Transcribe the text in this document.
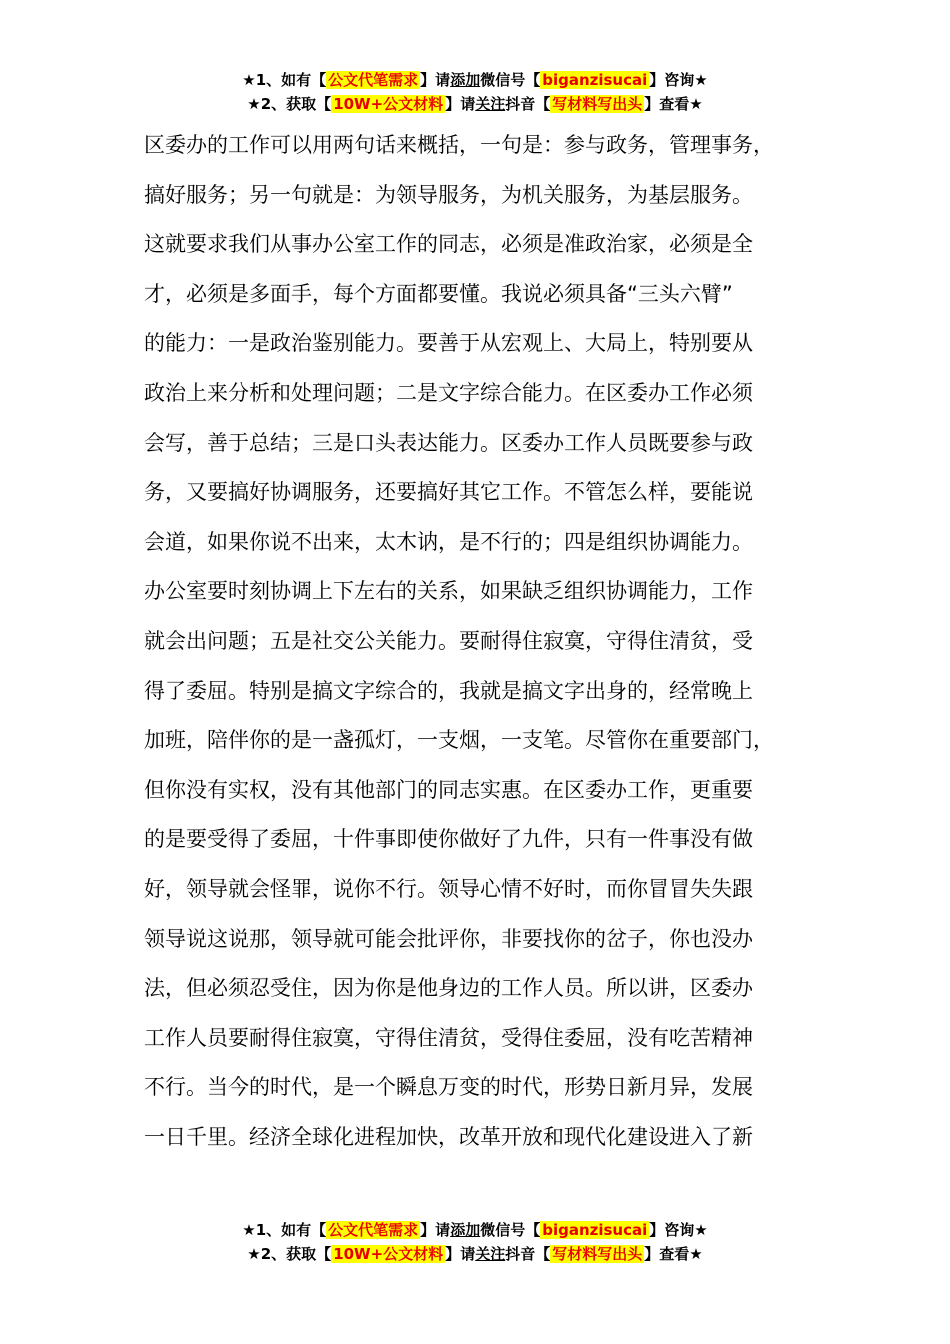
★1、如有【 公文代笔需求 】请添加微信号【 biganzisucai 】咨询★
★2、获取【 10W+公文材料 】请关注抖音【 写材料写出头 】查看★
区委办的工作可以用两句话来概括，一句是：参与政务，管理事务，
搞好服务；另一句就是：为领导服务，为机关服务，为基层服务。
这就要求我们从事办公室工作的同志，必须是准政治家，必须是全
才，必须是多面手，每个方面都要懂。我说必须具备“三头六臂”
的能力：一是政治鉴别能力。要善于从宏观上、大局上，特别要从
政治上来分析和处理问题；二是文字综合能力。在区委办工作必须
会写，善于总结；三是口头表达能力。区委办工作人员既要参与政
务，又要搞好协调服务，还要搞好其它工作。不管怎么样，要能说
会道，如果你说不出来，太木讷，是不行的；四是组织协调能力。
办公室要时刻协调上下左右的关系，如果缺乏组织协调能力，工作
就会出问题；五是社交公关能力。要耐得住寂寞，守得住清贫，受
得了委屈。特别是搞文字综合的，我就是搞文字出身的，经常晚上
加班，陪伴你的是一盏孤灯，一支烟，一支笔。尽管你在重要部门，
但你没有实权，没有其他部门的同志实惠。在区委办工作，更重要
的是要受得了委屈，十件事即使你做好了九件，只有一件事没有做
好，领导就会怪罪，说你不行。领导心情不好时，而你冒冒失失跟
领导说这说那，领导就可能会批评你，非要找你的岔子，你也没办
法，但必须忍受住，因为你是他身边的工作人员。所以讲，区委办
工作人员要耐得住寂寞，守得住清贫，受得住委屈，没有吃苦精神
不行。当今的时代，是一个瞬息万变的时代，形势日新月异，发展
一日千里。经济全球化进程加快，改革开放和现代化建设进入了新
★1、如有【 公文代笔需求 】请添加微信号【 biganzisucai 】咨询★
★2、获取【 10W+公文材料 】请关注抖音【 写材料写出头 】查看★
